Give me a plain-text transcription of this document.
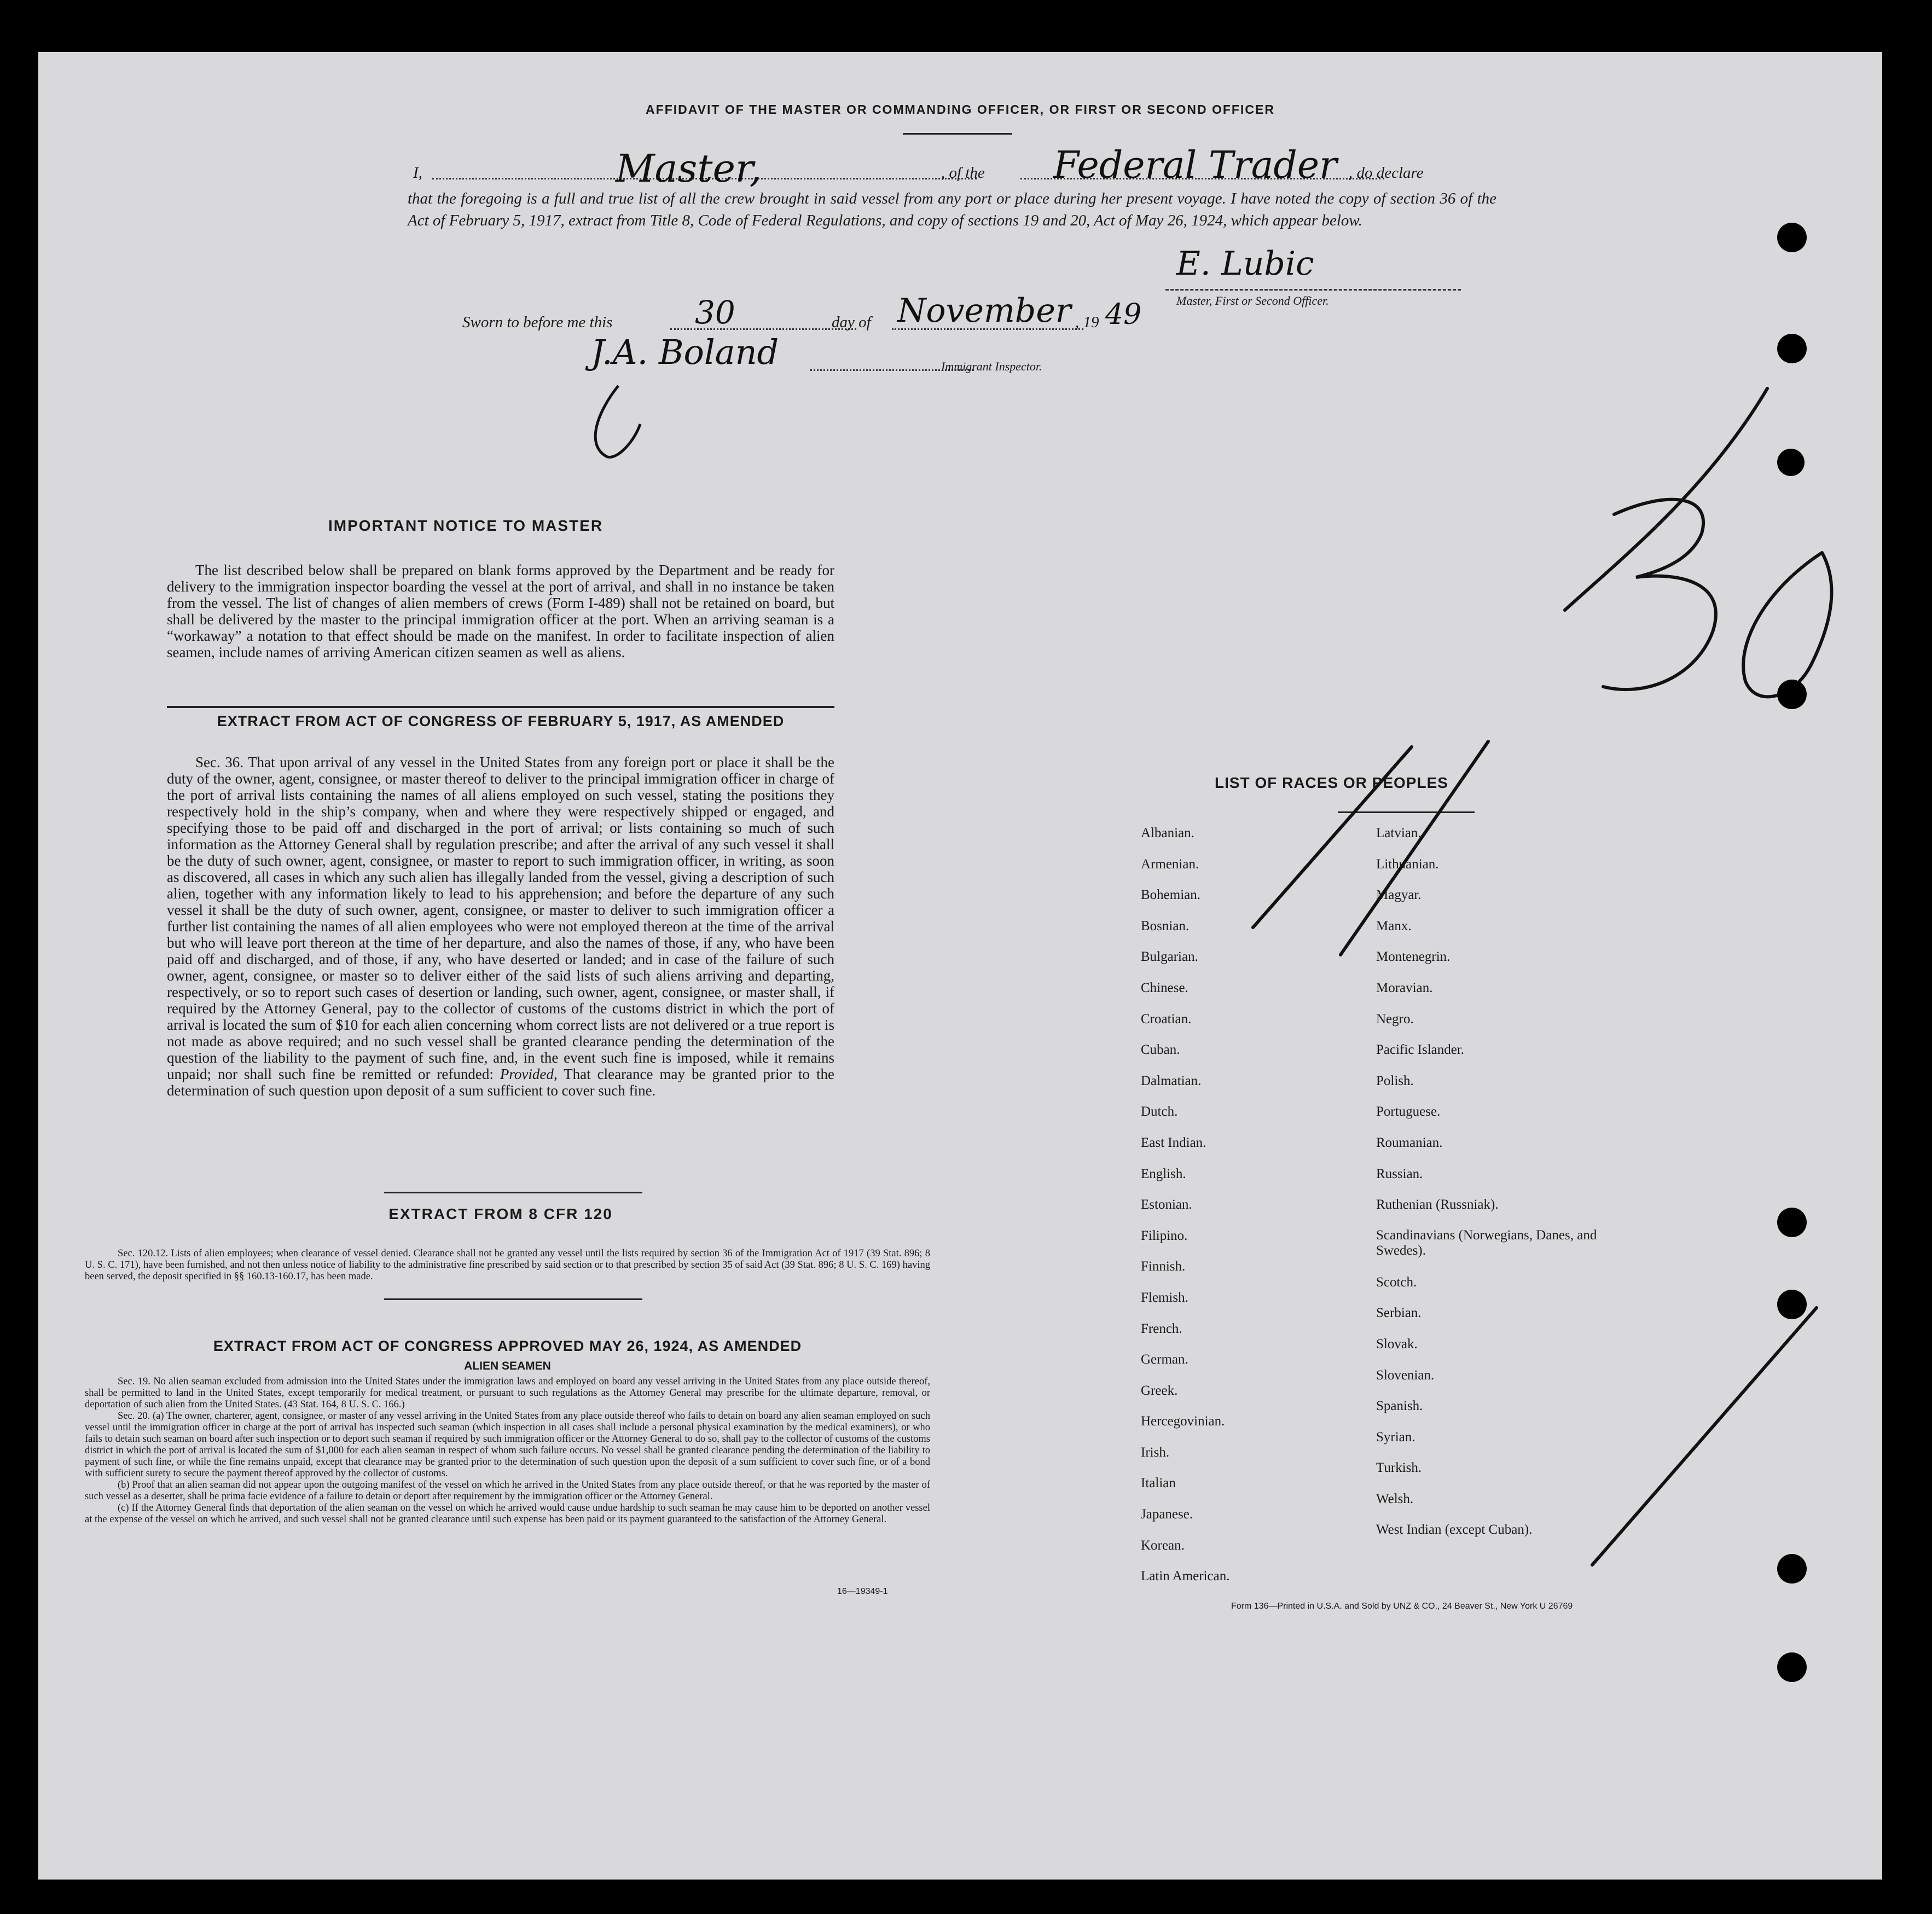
AFFIDAVIT OF THE MASTER OR COMMANDING OFFICER, OR FIRST OR SECOND OFFICER
I,	Master,	, of the Federal Trader , do declare
that the foregoing is a full and true list of all the crew brought in said vessel from any port or place during her present voyage. I have noted the copy of section 36 of the Act of February 5, 1917, extract from Title 8, Code of Federal Regulations, and copy of sections 19 and 20, Act of May 26, 1924, which appear below.
E. Lubic
Master, First or Second Officer.
Sworn to before me this	30	day of November , 19 49
J.A. Boland	Immigrant Inspector.
IMPORTANT NOTICE TO MASTER
The list described below shall be prepared on blank forms approved by the Department and be ready for delivery to the immigration inspector boarding the vessel at the port of arrival, and shall in no instance be taken from the vessel. The list of changes of alien members of crews (Form I-489) shall not be retained on board, but shall be delivered by the master to the principal immigration officer at the port. When an arriving seaman is a “workaway” a notation to that effect should be made on the manifest. In order to facilitate inspection of alien seamen, include names of arriving American citizen seamen as well as aliens.
EXTRACT FROM ACT OF CONGRESS OF FEBRUARY 5, 1917, AS AMENDED
Sec. 36. That upon arrival of any vessel in the United States from any foreign port or place it shall be the duty of the owner, agent, consignee, or master thereof to deliver to the principal immigration officer in charge of the port of arrival lists containing the names of all aliens employed on such vessel, stating the positions they respectively hold in the ship’s company, when and where they were respectively shipped or engaged, and specifying those to be paid off and discharged in the port of arrival; or lists containing so much of such information as the Attorney General shall by regulation prescribe; and after the arrival of any such vessel it shall be the duty of such owner, agent, consignee, or master to report to such immigration officer, in writing, as soon as discovered, all cases in which any such alien has illegally landed from the vessel, giving a description of such alien, together with any information likely to lead to his apprehension; and before the departure of any such vessel it shall be the duty of such owner, agent, consignee, or master to deliver to such immigration officer a further list containing the names of all alien employees who were not employed thereon at the time of the arrival but who will leave port thereon at the time of her departure, and also the names of those, if any, who have been paid off and discharged, and of those, if any, who have deserted or landed; and in case of the failure of such owner, agent, consignee, or master so to deliver either of the said lists of such aliens arriving and departing, respectively, or so to report such cases of desertion or landing, such owner, agent, consignee, or master shall, if required by the Attorney General, pay to the collector of customs of the customs district in which the port of arrival is located the sum of $10 for each alien concerning whom correct lists are not delivered or a true report is not made as above required; and no such vessel shall be granted clearance pending the determination of the question of the liability to the payment of such fine, and, in the event such fine is imposed, while it remains unpaid; nor shall such fine be remitted or refunded: Provided, That clearance may be granted prior to the determination of such question upon deposit of a sum sufficient to cover such fine.
EXTRACT FROM 8 CFR 120
Sec. 120.12. Lists of alien employees; when clearance of vessel denied. Clearance shall not be granted any vessel until the lists required by section 36 of the Immigration Act of 1917 (39 Stat. 896; 8 U. S. C. 171), have been furnished, and not then unless notice of liability to the administrative fine prescribed by said section or to that prescribed by section 35 of said Act (39 Stat. 896; 8 U. S. C. 169) having been served, the deposit specified in §§ 160.13-160.17, has been made.
EXTRACT FROM ACT OF CONGRESS APPROVED MAY 26, 1924, AS AMENDED
ALIEN SEAMEN
Sec. 19. No alien seaman excluded from admission into the United States under the immigration laws and employed on board any vessel arriving in the United States from any place outside thereof, shall be permitted to land in the United States, except temporarily for medical treatment, or pursuant to such regulations as the Attorney General may prescribe for the ultimate departure, removal, or deportation of such alien from the United States. (43 Stat. 164, 8 U. S. C. 166.)
Sec. 20. (a) The owner, charterer, agent, consignee, or master of any vessel arriving in the United States from any place outside thereof who fails to detain on board any alien seaman employed on such vessel until the immigration officer in charge at the port of arrival has inspected such seaman (which inspection in all cases shall include a personal physical examination by the medical examiners), or who fails to detain such seaman on board after such inspection or to deport such seaman if required by such immigration officer or the Attorney General to do so, shall pay to the collector of customs of the customs district in which the port of arrival is located the sum of $1,000 for each alien seaman in respect of whom such failure occurs. No vessel shall be granted clearance pending the determination of the liability to payment of such fine, or while the fine remains unpaid, except that clearance may be granted prior to the determination of such question upon the deposit of a sum sufficient to cover such fine, or of a bond with sufficient surety to secure the payment thereof approved by the collector of customs.
(b) Proof that an alien seaman did not appear upon the outgoing manifest of the vessel on which he arrived in the United States from any place outside thereof, or that he was reported by the master of such vessel as a deserter, shall be prima facie evidence of a failure to detain or deport after requirement by the immigration officer or the Attorney General.
(c) If the Attorney General finds that deportation of the alien seaman on the vessel on which he arrived would cause undue hardship to such seaman he may cause him to be deported on another vessel at the expense of the vessel on which he arrived, and such vessel shall not be granted clearance until such expense has been paid or its payment guaranteed to the satisfaction of the Attorney General.
16—19349-1
LIST OF RACES OR PEOPLES
Albanian.
Armenian.
Bohemian.
Bosnian.
Bulgarian.
Chinese.
Croatian.
Cuban.
Dalmatian.
Dutch.
East Indian.
English.
Estonian.
Filipino.
Finnish.
Flemish.
French.
German.
Greek.
Hercegovinian.
Irish.
Italian
Japanese.
Korean.
Latin American.
Latvian.
Lithuanian.
Magyar.
Manx.
Montenegrin.
Moravian.
Negro.
Pacific Islander.
Polish.
Portuguese.
Roumanian.
Russian.
Ruthenian (Russniak).
Scandinavians (Norwegians, Danes, and Swedes).
Scotch.
Serbian.
Slovak.
Slovenian.
Spanish.
Syrian.
Turkish.
Welsh.
West Indian (except Cuban).
Form 136—Printed in U.S.A. and Sold by UNZ & CO., 24 Beaver St., New York U 26769
